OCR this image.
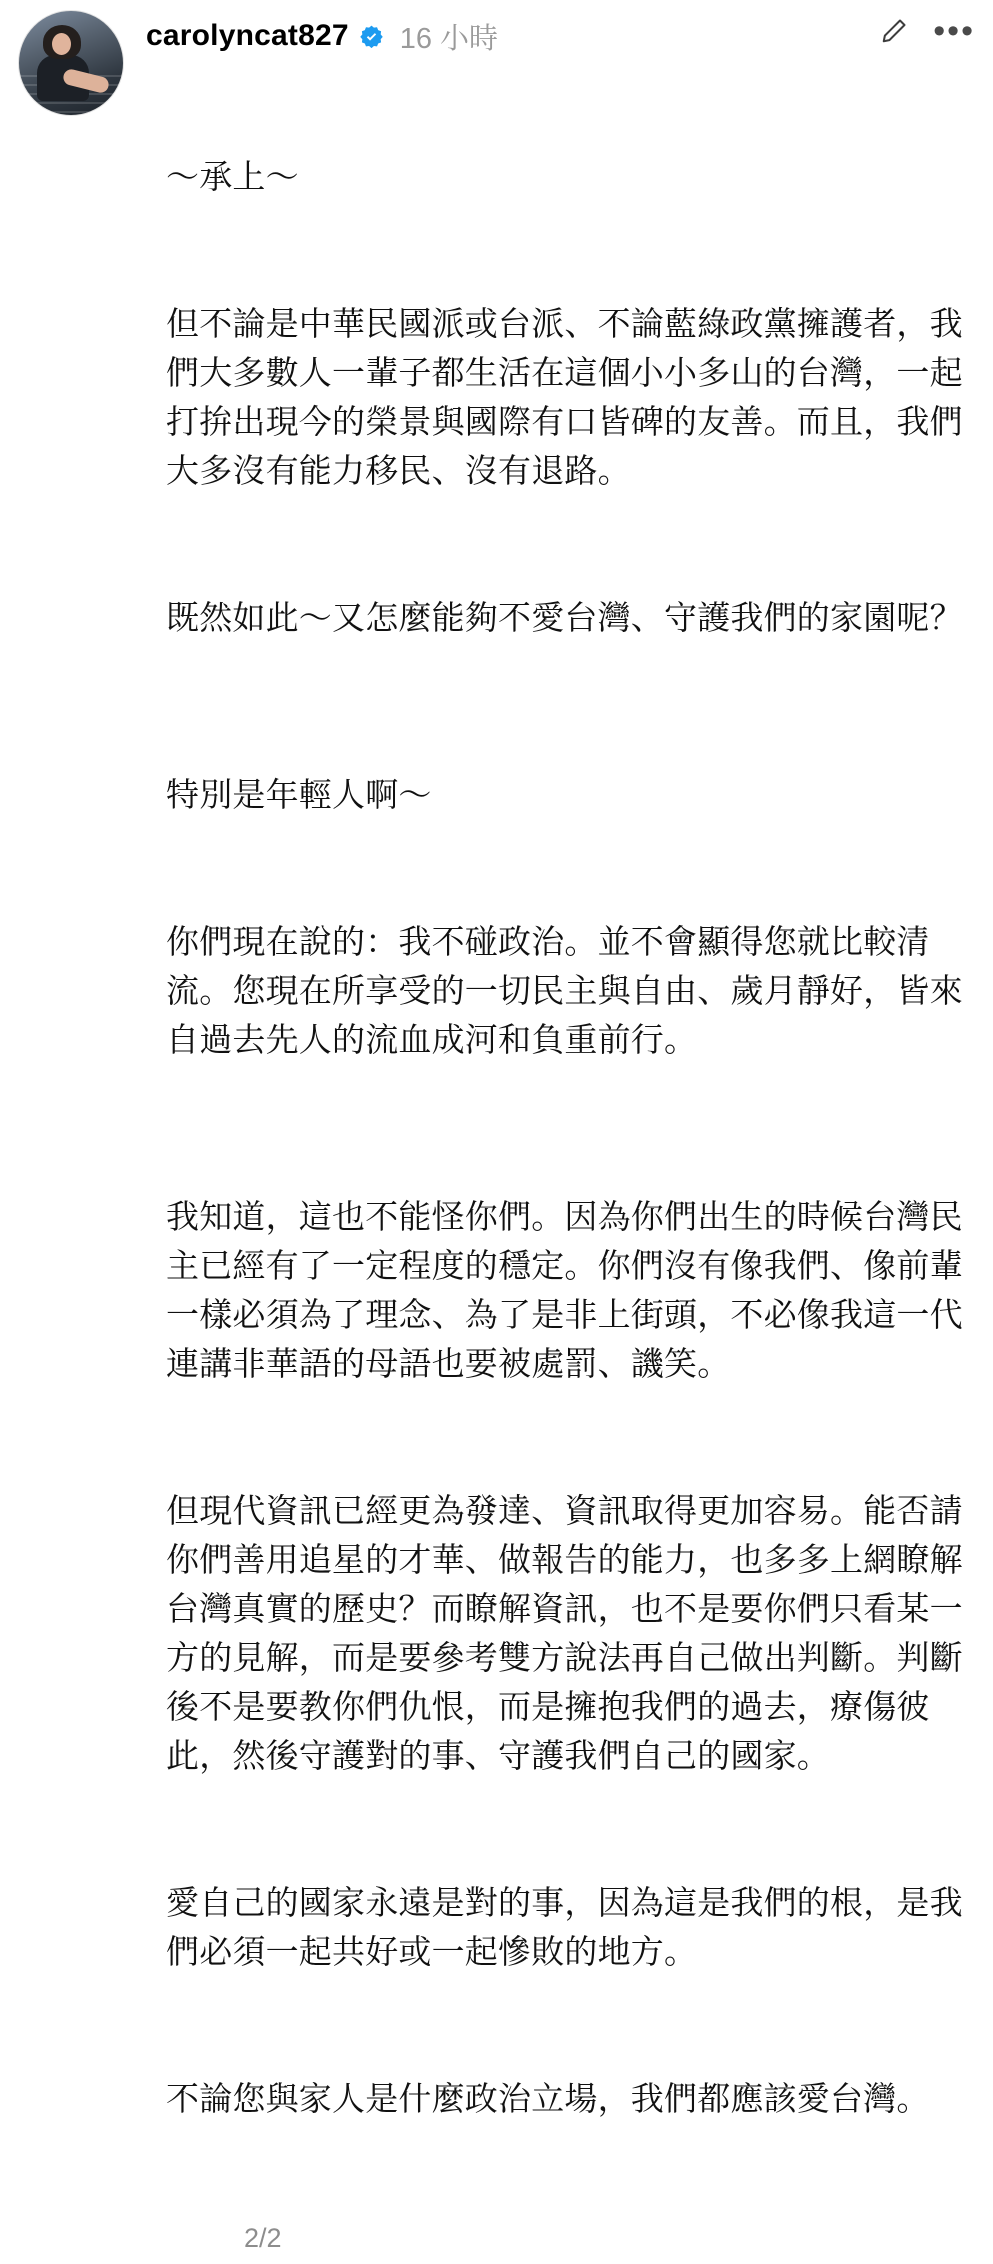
carolyncat827 16 小時	•••

〜承上〜

但不論是中華民國派或台派、不論藍綠政黨擁護者，我們大多數人一輩子都生活在這個小小多山的台灣，一起打拚出現今的榮景與國際有口皆碑的友善。而且，我們大多沒有能力移民、沒有退路。

既然如此〜又怎麼能夠不愛台灣、守護我們的家園呢？

特別是年輕人啊〜

你們現在說的：我不碰政治。並不會顯得您就比較清流。您現在所享受的一切民主與自由、歲月靜好，皆來自過去先人的流血成河和負重前行。

我知道，這也不能怪你們。因為你們出生的時候台灣民主已經有了一定程度的穩定。你們沒有像我們、像前輩一樣必須為了理念、為了是非上街頭，不必像我這一代連講非華語的母語也要被處罰、譏笑。

但現代資訊已經更為發達、資訊取得更加容易。能否請你們善用追星的才華、做報告的能力，也多多上網瞭解台灣真實的歷史？而瞭解資訊，也不是要你們只看某一方的見解，而是要參考雙方說法再自己做出判斷。判斷後不是要教你們仇恨，而是擁抱我們的過去，療傷彼此，然後守護對的事、守護我們自己的國家。

愛自己的國家永遠是對的事，因為這是我們的根，是我們必須一起共好或一起慘敗的地方。

不論您與家人是什麼政治立場，我們都應該愛台灣。

2/2
